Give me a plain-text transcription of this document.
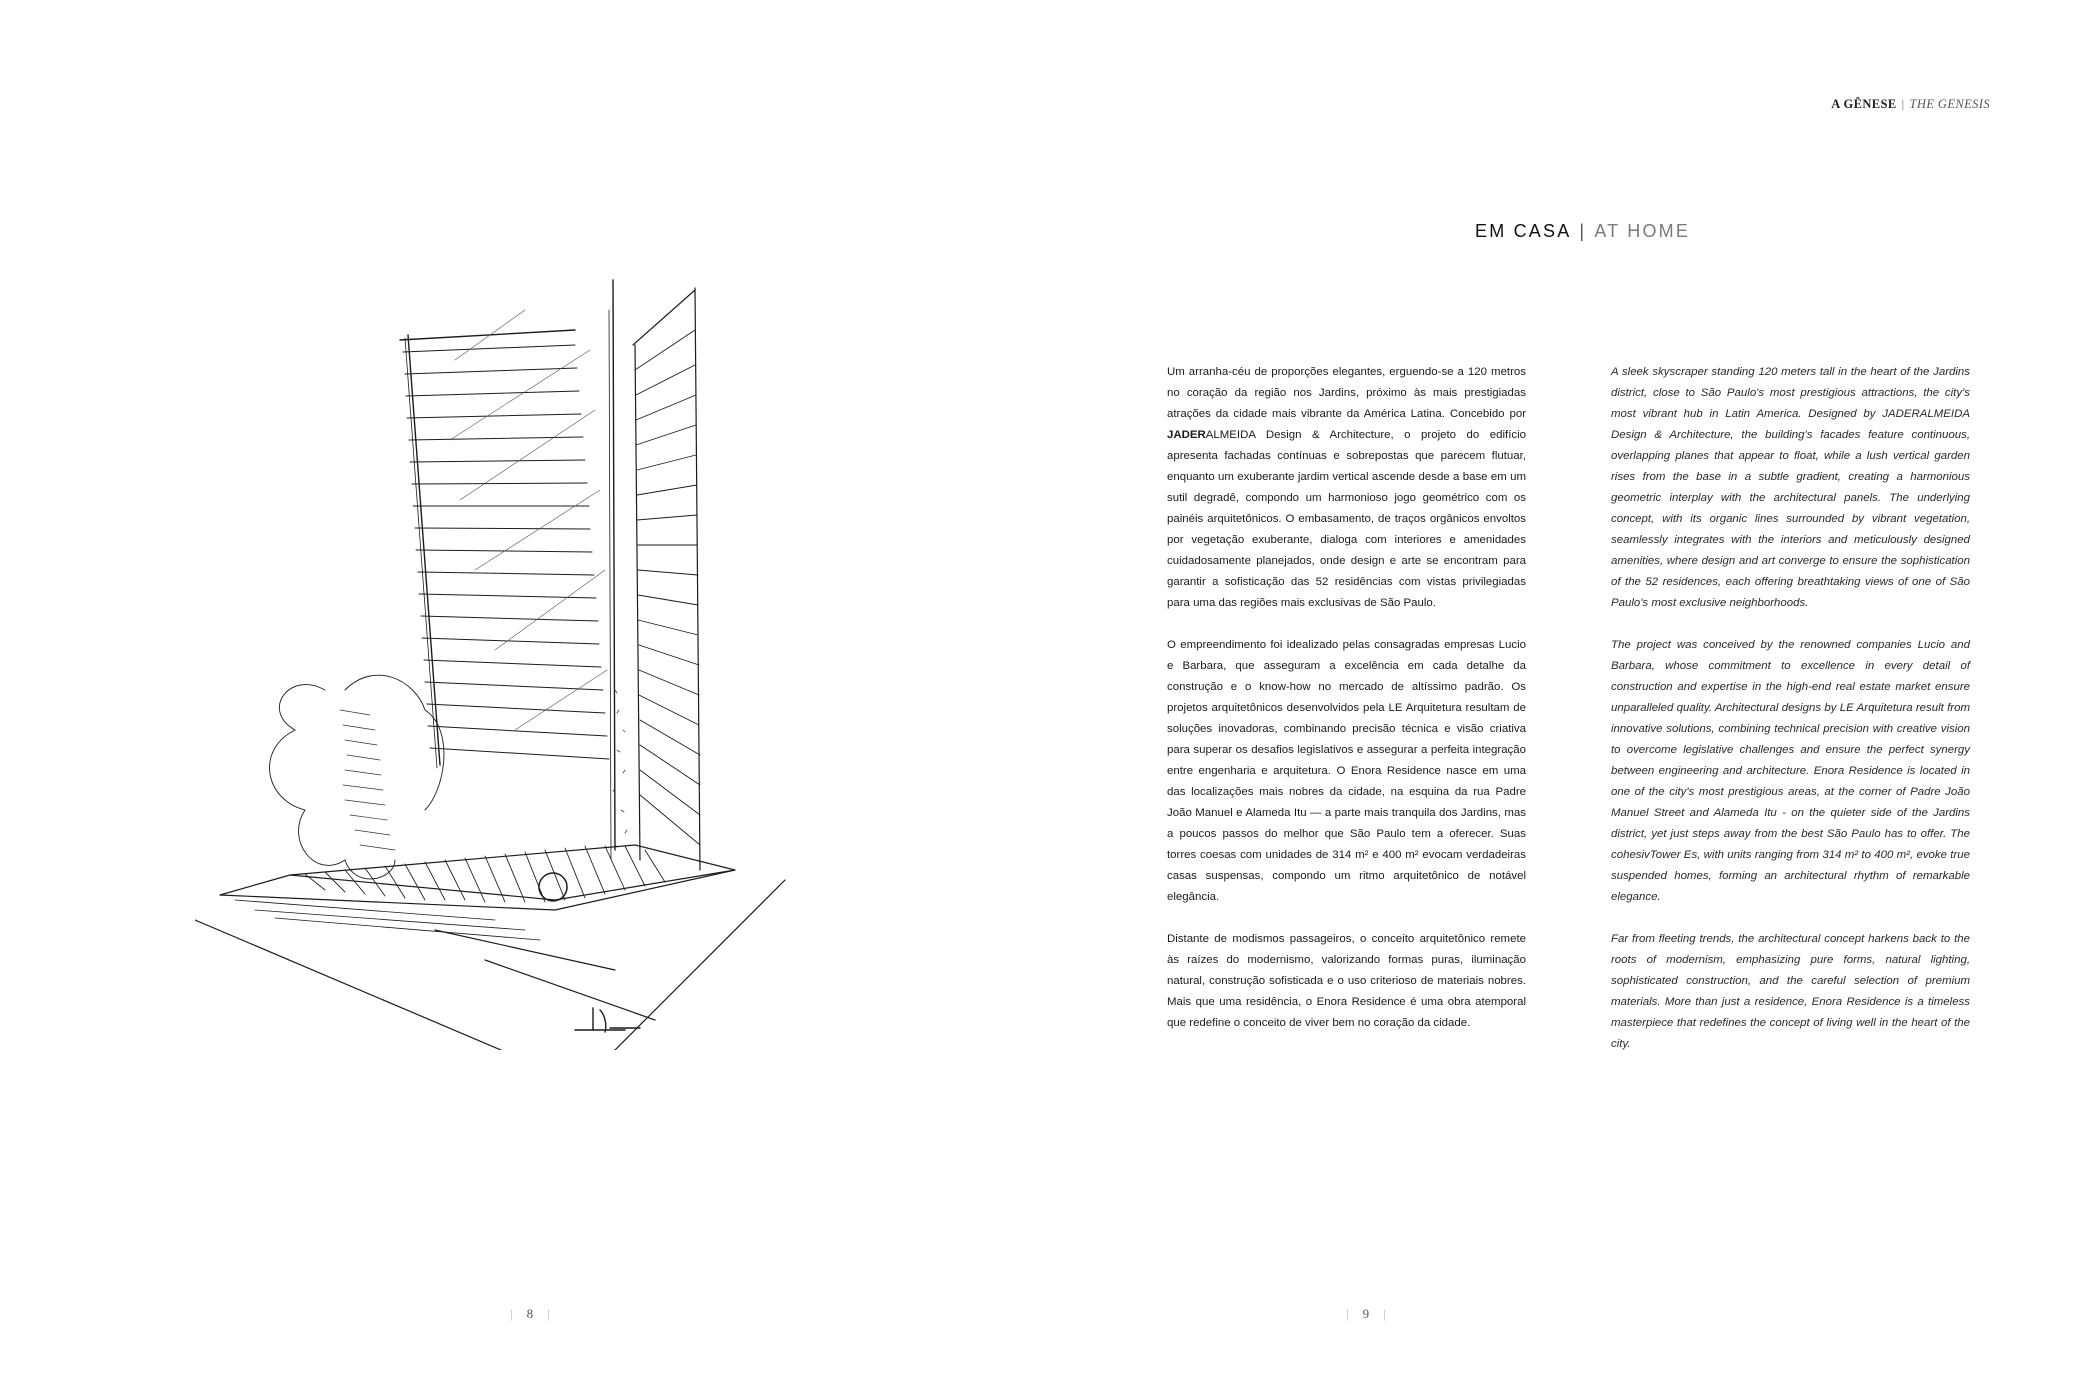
| 8 |
A GÊNESE | THE GENESIS
EM CASA | AT HOME

Um arranha-céu de proporções elegantes, erguendo-se a 120 metros no coração da região nos Jardins, próximo às mais prestigiadas atrações da cidade mais vibrante da América Latina. Concebido por JADERALMEIDA Design & Architecture, o projeto do edifício apresenta fachadas contínuas e sobrepostas que parecem flutuar, enquanto um exuberante jardim vertical ascende desde a base em um sutil degradê, compondo um harmonioso jogo geométrico com os painéis arquitetônicos. O embasamento, de traços orgânicos envoltos por vegetação exuberante, dialoga com interiores e amenidades cuidadosamente planejados, onde design e arte se encontram para garantir a sofisticação das 52 residências com vistas privilegiadas para uma das regiões mais exclusivas de São Paulo.

O empreendimento foi idealizado pelas consagradas empresas Lucio e Barbara, que asseguram a excelência em cada detalhe da construção e o know-how no mercado de altíssimo padrão. Os projetos arquitetônicos desenvolvidos pela LE Arquitetura resultam de soluções inovadoras, combinando precisão técnica e visão criativa para superar os desafios legislativos e assegurar a perfeita integração entre engenharia e arquitetura. O Enora Residence nasce em uma das localizações mais nobres da cidade, na esquina da rua Padre João Manuel e Alameda Itu — a parte mais tranquila dos Jardins, mas a poucos passos do melhor que São Paulo tem a oferecer. Suas torres coesas com unidades de 314 m² e 400 m² evocam verdadeiras casas suspensas, compondo um ritmo arquitetônico de notável elegância.

Distante de modismos passageiros, o conceito arquitetônico remete às raízes do modernismo, valorizando formas puras, iluminação natural, construção sofisticada e o uso criterioso de materiais nobres. Mais que uma residência, o Enora Residence é uma obra atemporal que redefine o conceito de viver bem no coração da cidade.

A sleek skyscraper standing 120 meters tall in the heart of the Jardins district, close to São Paulo's most prestigious attractions, the city's most vibrant hub in Latin America. Designed by JADERALMEIDA Design & Architecture, the building's facades feature continuous, overlapping planes that appear to float, while a lush vertical garden rises from the base in a subtle gradient, creating a harmonious geometric interplay with the architectural panels. The underlying concept, with its organic lines surrounded by vibrant vegetation, seamlessly integrates with the interiors and meticulously designed amenities, where design and art converge to ensure the sophistication of the 52 residences, each offering breathtaking views of one of São Paulo's most exclusive neighborhoods.

The project was conceived by the renowned companies Lucio and Barbara, whose commitment to excellence in every detail of construction and expertise in the high-end real estate market ensure unparalleled quality. Architectural designs by LE Arquitetura result from innovative solutions, combining technical precision with creative vision to overcome legislative challenges and ensure the perfect synergy between engineering and architecture. Enora Residence is located in one of the city's most prestigious areas, at the corner of Padre João Manuel Street and Alameda Itu - on the quieter side of the Jardins district, yet just steps away from the best São Paulo has to offer. The cohesivTower Es, with units ranging from 314 m² to 400 m², evoke true suspended homes, forming an architectural rhythm of remarkable elegance.

Far from fleeting trends, the architectural concept harkens back to the roots of modernism, emphasizing pure forms, natural lighting, sophisticated construction, and the careful selection of premium materials. More than just a residence, Enora Residence is a timeless masterpiece that redefines the concept of living well in the heart of the city.

| 9 |
